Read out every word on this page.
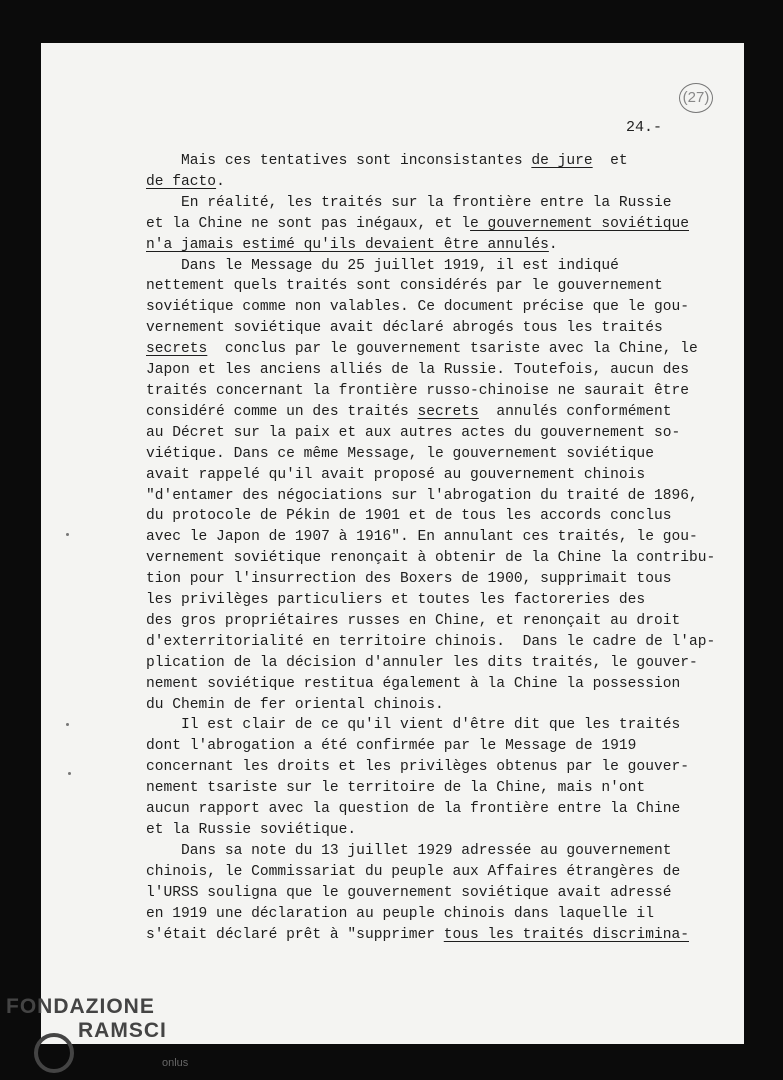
(27)
24.-

Mais ces tentatives sont inconsistantes de jure  et
de facto.

En réalité, les traités sur la frontière entre la Russie
et la Chine ne sont pas inégaux, et le gouvernement soviétique
n'a jamais estimé qu'ils devaient être annulés.

Dans le Message du 25 juillet 1919, il est indiqué
nettement quels traités sont considérés par le gouvernement
soviétique comme non valables. Ce document précise que le gou-
vernement soviétique avait déclaré abrogés tous les traités
secrets  conclus par le gouvernement tsariste avec la Chine, le
Japon et les anciens alliés de la Russie. Toutefois, aucun des
traités concernant la frontière russo-chinoise ne saurait être
considéré comme un des traités secrets  annulés conformément
au Décret sur la paix et aux autres actes du gouvernement so-
viétique. Dans ce même Message, le gouvernement soviétique
avait rappelé qu'il avait proposé au gouvernement chinois
"d'entamer des négociations sur l'abrogation du traité de 1896,
du protocole de Pékin de 1901 et de tous les accords conclus
avec le Japon de 1907 à 1916". En annulant ces traités, le gou-
vernement soviétique renonçait à obtenir de la Chine la contribu-
tion pour l'insurrection des Boxers de 1900, supprimait tous
les privilèges particuliers et toutes les factoreries des
des gros propriétaires russes en Chine, et renonçait au droit
d'exterritorialité en territoire chinois.  Dans le cadre de l'ap-
plication de la décision d'annuler les dits traités, le gouver-
nement soviétique restitua également à la Chine la possession
du Chemin de fer oriental chinois.

Il est clair de ce qu'il vient d'être dit que les traités
dont l'abrogation a été confirmée par le Message de 1919
concernant les droits et les privilèges obtenus par le gouver-
nement tsariste sur le territoire de la Chine, mais n'ont
aucun rapport avec la question de la frontière entre la Chine
et la Russie soviétique.

Dans sa note du 13 juillet 1929 adressée au gouvernement
chinois, le Commissariat du peuple aux Affaires étrangères de
l'URSS souligna que le gouvernement soviétique avait adressé
en 1919 une déclaration au peuple chinois dans laquelle il
s'était déclaré prêt à "supprimer tous les traités discrimina-

FONDAZIONE
RAMSCI
onlus
